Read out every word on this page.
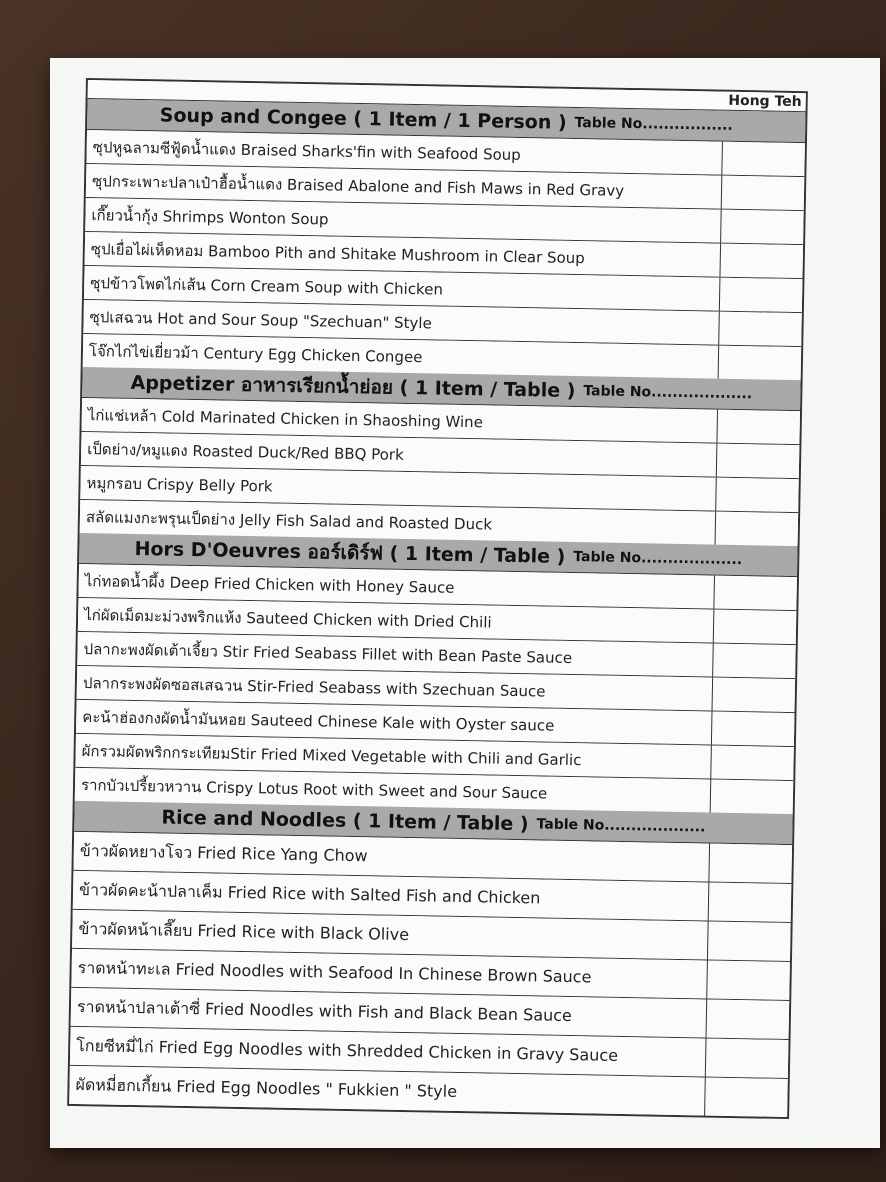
Hong Teh
Soup and Congee ( 1 Item / 1 Person ) Table No.................
ซุปหูฉลามซีฟู้ดน้ำแดง Braised Sharks'fin with Seafood Soup
ซุปกระเพาะปลาเป๋าฮื้อน้ำแดง Braised Abalone and Fish Maws in Red Gravy
เกี๊ยวน้ำกุ้ง Shrimps Wonton Soup
ซุปเยื่อไผ่เห็ดหอม Bamboo Pith and Shitake Mushroom in Clear Soup
ซุปข้าวโพดไก่เส้น Corn Cream Soup with Chicken
ซุปเสฉวน Hot and Sour Soup "Szechuan" Style
โจ๊กไก่ไข่เยี่ยวม้า Century Egg Chicken Congee
Appetizer อาหารเรียกน้ำย่อย ( 1 Item / Table ) Table No...................
ไก่แช่เหล้า Cold Marinated Chicken in Shaoshing Wine
เป็ดย่าง/หมูแดง Roasted Duck/Red BBQ Pork
หมูกรอบ Crispy Belly Pork
สลัดแมงกะพรุนเป็ดย่าง Jelly Fish Salad and Roasted Duck
Hors D'Oeuvres ออร์เดิร์ฟ ( 1 Item / Table ) Table No...................
ไก่ทอดน้ำผึ้ง Deep Fried Chicken with Honey Sauce
ไก่ผัดเม็ดมะม่วงพริกแห้ง Sauteed Chicken with Dried Chili
ปลากะพงผัดเต้าเจี้ยว Stir Fried Seabass Fillet with Bean Paste Sauce
ปลากระพงผัดซอสเสฉวน Stir-Fried Seabass with Szechuan Sauce
คะน้าฮ่องกงผัดน้ำมันหอย Sauteed Chinese Kale with Oyster sauce
ผักรวมผัดพริกกระเทียมStir Fried Mixed Vegetable with Chili and Garlic
รากบัวเปรี้ยวหวาน Crispy Lotus Root with Sweet and Sour Sauce
Rice and Noodles ( 1 Item / Table ) Table No...................
ข้าวผัดหยางโจว Fried Rice Yang Chow
ข้าวผัดคะน้าปลาเค็ม Fried Rice with Salted Fish and Chicken
ข้าวผัดหน้าเลี๊ยบ Fried Rice with Black Olive
ราดหน้าทะเล Fried Noodles with Seafood In Chinese Brown Sauce
ราดหน้าปลาเต้าซี่ Fried Noodles with Fish and Black Bean Sauce
โกยซีหมี่ไก่ Fried Egg Noodles with Shredded Chicken in Gravy Sauce
ผัดหมี่ฮกเกี้ยน Fried Egg Noodles " Fukkien " Style
